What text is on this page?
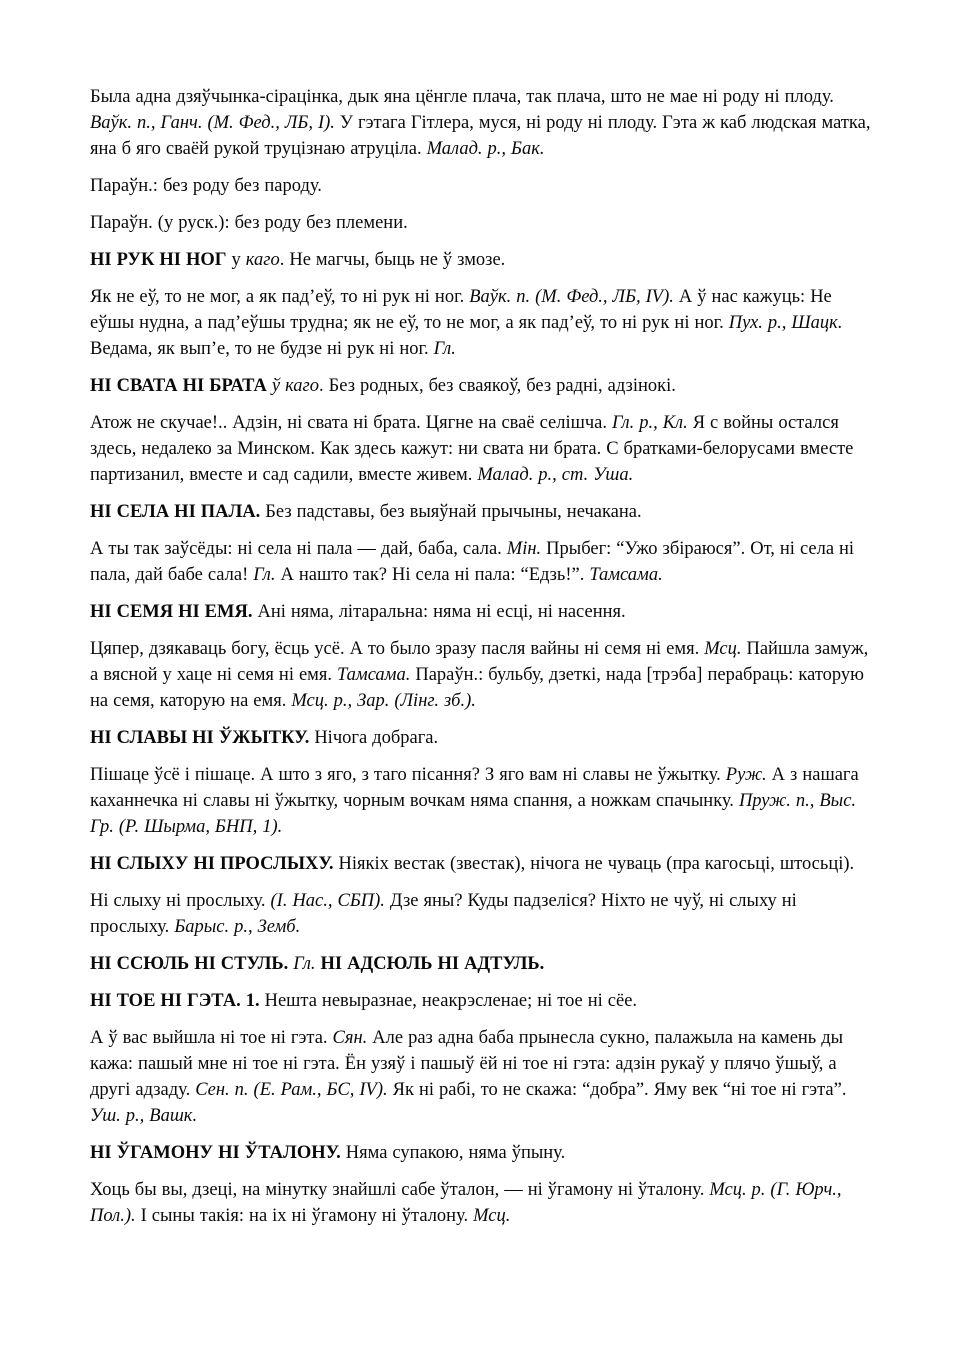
Была адна дзяўчынка-сірацінка, дык яна цёнгле плача, так плача, што не мае ні роду ні плоду. Ваўк. п., Ганч. (М. Фед., ЛБ, I). У гэтага Гітлера, муся, ні роду ні плоду. Гэта ж каб людская матка, яна б яго сваёй рукой труцізнаю атруціла. Малад. р., Бак.

Параўн.: без роду без пароду.

Параўн. (у руск.): без роду без племени.

НІ РУК НІ НОГ у каго. Не магчы, быць не ў змозе.

Як не еў, то не мог, а як пад’еў, то ні рук ні ног. Ваўк. п. (М. Фед., ЛБ, IV). А ў нас кажуць: Не еўшы нудна, а пад’еўшы трудна; як не еў, то не мог, а як пад’еў, то ні рук ні ног. Пух. р., Шацк. Ведама, як вып’е, то не будзе ні рук ні ног. Гл.

НІ СВАТА НІ БРАТА ў каго. Без родных, без сваякоў, без радні, адзінокі.

Атож не скучае!.. Адзін, ні свата ні брата. Цягне на сваё селішча. Гл. р., Кл. Я с войны остался здесь, недалеко за Минском. Как здесь кажут: ни свата ни брата. С братками-белорусами вместе партизанил, вместе и сад садили, вместе живем. Малад. р., ст. Уша.

НІ СЕЛА НІ ПАЛА. Без падставы, без выяўнай прычыны, нечакана.

А ты так заўсёды: ні села ні пала — дай, баба, сала. Мін. Прыбег: “Ужо збіраюся”. От, ні села ні пала, дай бабе сала! Гл. А нашто так? Ні села ні пала: “Едзь!”. Тамсама.

НІ СЕМЯ НІ ЕМЯ. Ані няма, літаральна: няма ні есці, ні насення.

Цяпер, дзякаваць богу, ёсць усё. А то было зразу пасля вайны ні семя ні емя. Мсц. Пайшла замуж, а вясной у хаце ні семя ні емя. Тамсама. Параўн.: бульбу, дзеткі, нада [трэба] перабраць: каторую на семя, каторую на емя. Мсц. р., Зар. (Лінг. зб.).

НІ СЛАВЫ НІ ЎЖЫТКУ. Нічога добрага.

Пішаце ўсё і пішаце. А што з яго, з таго пісання? З яго вам ні славы не ўжытку. Руж. А з нашага каханнечка ні славы ні ўжытку, чорным вочкам няма спання, а ножкам спачынку. Пруж. п., Выс. Гр. (Р. Шырма, БНП, 1).

НІ СЛЫХУ НІ ПРОСЛЫХУ. Ніякіх вестак (звестак), нічога не чуваць (пра кагосьці, штосьці).

Ні слыху ні прослыху. (І. Нас., СБП). Дзе яны? Куды падзеліся? Ніхто не чуў, ні слыху ні прослыху. Барыс. р., Земб.

НІ ССЮЛЬ НІ СТУЛЬ. Гл. НІ АДСЮЛЬ НІ АДТУЛЬ.

НІ ТОЕ НІ ГЭТА. 1. Нешта невыразнае, неакрэсленае; ні тое ні сёе.

А ў вас выйшла ні тое ні гэта. Сян. Але раз адна баба прынесла сукно, палажыла на камень ды кажа: пашый мне ні тое ні гэта. Ён узяў і пашыў ёй ні тое ні гэта: адзін рукаў у плячо ўшыў, а другі адзаду. Сен. п. (Е. Рам., БС, IV). Як ні рабі, то не скажа: “добра”. Яму век “ні тое ні гэта”. Уш. р., Вашк.

НІ ЎГАМОНУ НІ ЎТАЛОНУ. Няма супакою, няма ўпыну.

Хоць бы вы, дзеці, на мінутку знайшлі сабе ўталон, — ні ўгамону ні ўталону. Мсц. р. (Г. Юрч., Пол.). І сыны такія: на іх ні ўгамону ні ўталону. Мсц.
